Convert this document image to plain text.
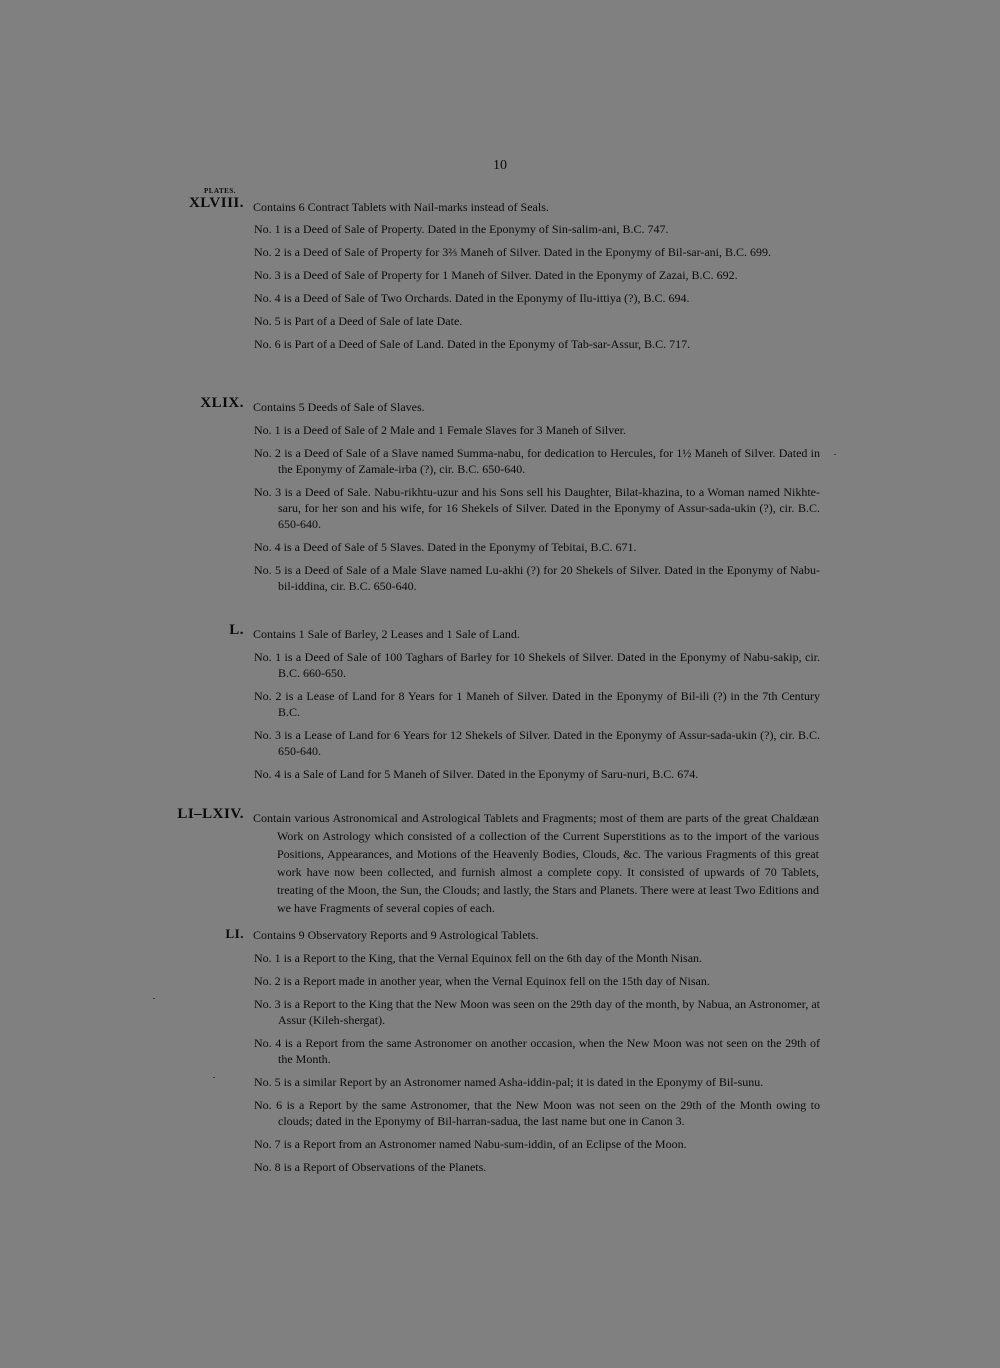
10
PLATES.
XLVIII. Contains 6 Contract Tablets with Nail-marks instead of Seals.
No. 1 is a Deed of Sale of Property. Dated in the Eponymy of Sin-salim-ani, B.C. 747.
No. 2 is a Deed of Sale of Property for 3⅔ Maneh of Silver. Dated in the Eponymy of Bil-sar-ani, B.C. 699.
No. 3 is a Deed of Sale of Property for 1 Maneh of Silver. Dated in the Eponymy of Zazai, B.C. 692.
No. 4 is a Deed of Sale of Two Orchards. Dated in the Eponymy of Ilu-ittiya (?), B.C. 694.
No. 5 is Part of a Deed of Sale of late Date.
No. 6 is Part of a Deed of Sale of Land. Dated in the Eponymy of Tab-sar-Assur, B.C. 717.
XLIX. Contains 5 Deeds of Sale of Slaves.
No. 1 is a Deed of Sale of 2 Male and 1 Female Slaves for 3 Maneh of Silver.
No. 2 is a Deed of Sale of a Slave named Summa-nabu, for dedication to Hercules, for 1½ Maneh of Silver. Dated in the Eponymy of Zamale-irba (?), cir. B.C. 650-640.
No. 3 is a Deed of Sale. Nabu-rikhtu-uzur and his Sons sell his Daughter, Bilat-khazina, to a Woman named Nikhte-saru, for her son and his wife, for 16 Shekels of Silver. Dated in the Eponymy of Assur-sada-ukin (?), cir. B.C. 650-640.
No. 4 is a Deed of Sale of 5 Slaves. Dated in the Eponymy of Tebitai, B.C. 671.
No. 5 is a Deed of Sale of a Male Slave named Lu-akhi (?) for 20 Shekels of Silver. Dated in the Eponymy of Nabu-bil-iddina, cir. B.C. 650-640.
L. Contains 1 Sale of Barley, 2 Leases and 1 Sale of Land.
No. 1 is a Deed of Sale of 100 Taghars of Barley for 10 Shekels of Silver. Dated in the Eponymy of Nabu-sakip, cir. B.C. 660-650.
No. 2 is a Lease of Land for 8 Years for 1 Maneh of Silver. Dated in the Eponymy of Bil-ili (?) in the 7th Century B.C.
No. 3 is a Lease of Land for 6 Years for 12 Shekels of Silver. Dated in the Eponymy of Assur-sada-ukin (?), cir. B.C. 650-640.
No. 4 is a Sale of Land for 5 Maneh of Silver. Dated in the Eponymy of Saru-nuri, B.C. 674.
LI–LXIV. Contain various Astronomical and Astrological Tablets and Fragments; most of them are parts of the great Chaldæan Work on Astrology which consisted of a collection of the Current Superstitions as to the import of the various Positions, Appearances, and Motions of the Heavenly Bodies, Clouds, &c. The various Fragments of this great work have now been collected, and furnish almost a complete copy. It consisted of upwards of 70 Tablets, treating of the Moon, the Sun, the Clouds; and lastly, the Stars and Planets. There were at least Two Editions and we have Fragments of several copies of each.
LI. Contains 9 Observatory Reports and 9 Astrological Tablets.
No. 1 is a Report to the King, that the Vernal Equinox fell on the 6th day of the Month Nisan.
No. 2 is a Report made in another year, when the Vernal Equinox fell on the 15th day of Nisan.
No. 3 is a Report to the King that the New Moon was seen on the 29th day of the month, by Nabua, an Astronomer, at Assur (Kileh-shergat).
No. 4 is a Report from the same Astronomer on another occasion, when the New Moon was not seen on the 29th of the Month.
No. 5 is a similar Report by an Astronomer named Asha-iddin-pal; it is dated in the Eponymy of Bil-sunu.
No. 6 is a Report by the same Astronomer, that the New Moon was not seen on the 29th of the Month owing to clouds; dated in the Eponymy of Bil-harran-sadua, the last name but one in Canon 3.
No. 7 is a Report from an Astronomer named Nabu-sum-iddin, of an Eclipse of the Moon.
No. 8 is a Report of Observations of the Planets.
